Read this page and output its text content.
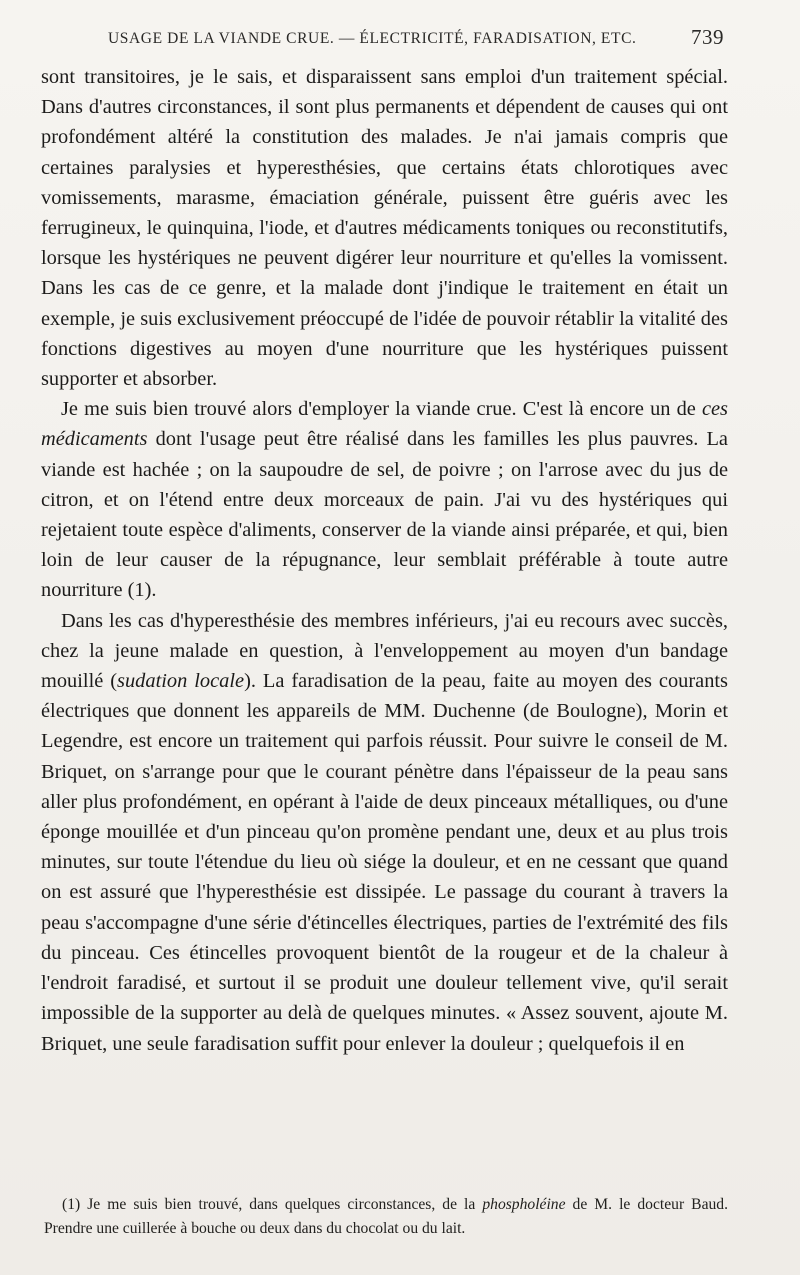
USAGE DE LA VIANDE CRUE. — ÉLECTRICITÉ, FARADISATION, ETC.	739

sont transitoires, je le sais, et disparaissent sans emploi d'un traitement spécial. Dans d'autres circonstances, il sont plus permanents et dépendent de causes qui ont profondément altéré la constitution des malades. Je n'ai jamais compris que certaines paralysies et hyperesthésies, que certains états chlorotiques avec vomissements, marasme, émaciation générale, puissent être guéris avec les ferrugineux, le quinquina, l'iode, et d'autres médicaments toniques ou reconstitutifs, lorsque les hystériques ne peuvent digérer leur nourriture et qu'elles la vomissent. Dans les cas de ce genre, et la malade dont j'indique le traitement en était un exemple, je suis exclusivement préoccupé de l'idée de pouvoir rétablir la vitalité des fonctions digestives au moyen d'une nourriture que les hystériques puissent supporter et absorber.

Je me suis bien trouvé alors d'employer la viande crue. C'est là encore un de ces médicaments dont l'usage peut être réalisé dans les familles les plus pauvres. La viande est hachée ; on la saupoudre de sel, de poivre ; on l'arrose avec du jus de citron, et on l'étend entre deux morceaux de pain. J'ai vu des hystériques qui rejetaient toute espèce d'aliments, conserver de la viande ainsi préparée, et qui, bien loin de leur causer de la répugnance, leur semblait préférable à toute autre nourriture (1).

Dans les cas d'hyperesthésie des membres inférieurs, j'ai eu recours avec succès, chez la jeune malade en question, à l'enveloppement au moyen d'un bandage mouillé (sudation locale). La faradisation de la peau, faite au moyen des courants électriques que donnent les appareils de MM. Duchenne (de Boulogne), Morin et Legendre, est encore un traitement qui parfois réussit. Pour suivre le conseil de M. Briquet, on s'arrange pour que le courant pénètre dans l'épaisseur de la peau sans aller plus profondément, en opérant à l'aide de deux pinceaux métalliques, ou d'une éponge mouillée et d'un pinceau qu'on promène pendant une, deux et au plus trois minutes, sur toute l'étendue du lieu où siége la douleur, et en ne cessant que quand on est assuré que l'hyperesthésie est dissipée. Le passage du courant à travers la peau s'accompagne d'une série d'étincelles électriques, parties de l'extrémité des fils du pinceau. Ces étincelles provoquent bientôt de la rougeur et de la chaleur à l'endroit faradisé, et surtout il se produit une douleur tellement vive, qu'il serait impossible de la supporter au delà de quelques minutes. « Assez souvent, ajoute M. Briquet, une seule faradisation suffit pour enlever la douleur ; quelquefois il en

(1) Je me suis bien trouvé, dans quelques circonstances, de la phospholéine de M. le docteur Baud. Prendre une cuillerée à bouche ou deux dans du chocolat ou du lait.
